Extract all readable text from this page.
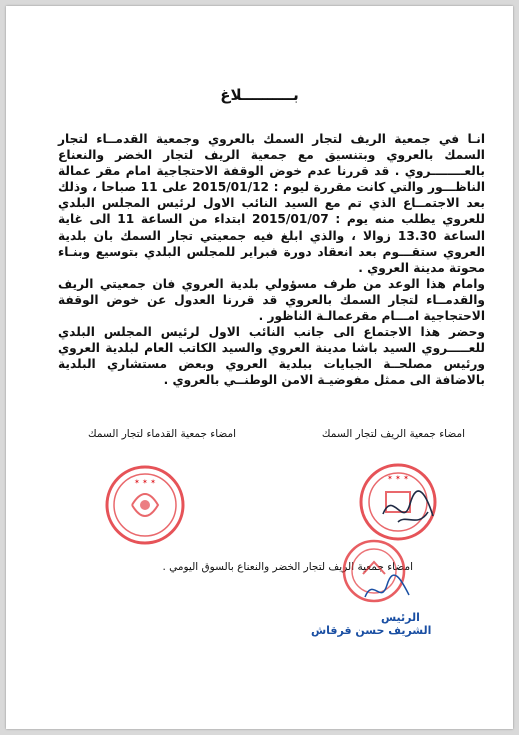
بــــــــــلاغ

انـا في جمعية الريف لتجار السمك بالعروي وجمعية القدمــاء لتجار السمك بالعروي وبتنسيق مع جمعية الريف لتجار الخضر والنعناع بالعــــــــروي . قد قررنا عدم خوض الوقفة الاحتجاجية امام مقر عمالة الناظـــور والتي كانت مقررة ليوم : 2015/01/12 على 11 صباحا ، وذلك بعد الاجتمــاع الذي تم مع السيد النائب الاول لرئيس المجلس البلدي للعروي يطلب منه يوم : 2015/01/07 ابتداء من الساعة 11 الى غاية الساعة 13.30 زوالا ، والذي ابلغ فيه جمعيتي تجار السمك بان بلدية العروي ستقـــوم بعد انعقاد دورة فبراير للمجلس البلدي بتوسيع وبنـاء محوتة مدينة العروي .

وامام هذا الوعد من طرف مسؤولي بلدية العروي فان جمعيتي الريف والقدمــاء لتجار السمك بالعروي قد قررنا العدول عن خوض الوقفة الاحتجاجية امـــام مقرعمالـة الناظور .

وحضر هذا الاجتماع الى جانب النائب الاول لرئيس المجلس البلدي للعـــــروي السيد باشا مدينة العروي والسيد الكاتب العام لبلدية العروي ورئيس مصلحــة الجبايات ببلدية العروي وبعض مستشاري البلدية بالاضافة الى ممثل مفوضيـة الامن الوطنــي بالعروي .

امضاء جمعية القدماء لتجار السمك	امضاء جمعية الريف لتجار السمك
✶ ✶ ✶	✶ ✶ ✶
امضاء جمعية الريف لتجار الخضر والنعناع بالسوق اليومي .
الرئيس
الشريف حسن قرقاش
